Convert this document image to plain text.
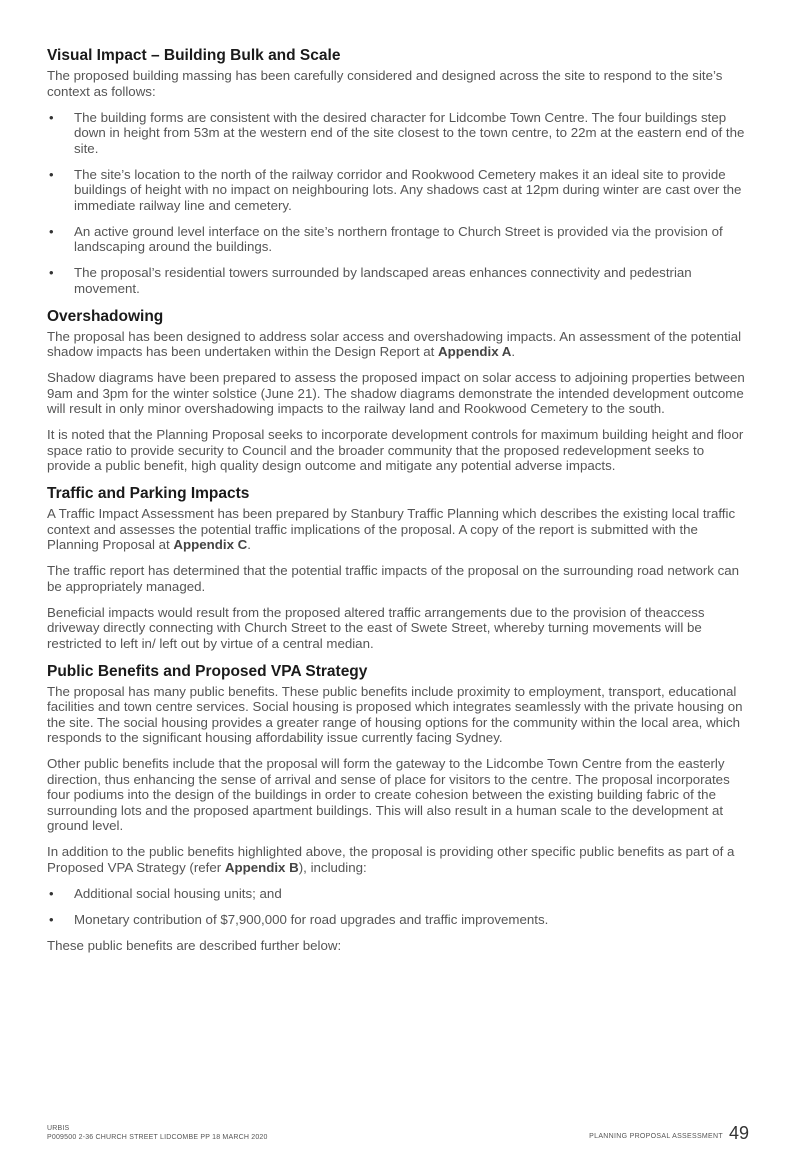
Visual Impact – Building Bulk and Scale

The proposed building massing has been carefully considered and designed across the site to respond to the site’s context as follows:

• The building forms are consistent with the desired character for Lidcombe Town Centre. The four buildings step down in height from 53m at the western end of the site closest to the town centre, to 22m at the eastern end of the site.
• The site’s location to the north of the railway corridor and Rookwood Cemetery makes it an ideal site to provide buildings of height with no impact on neighbouring lots. Any shadows cast at 12pm during winter are cast over the immediate railway line and cemetery.
• An active ground level interface on the site’s northern frontage to Church Street is provided via the provision of landscaping around the buildings.
• The proposal’s residential towers surrounded by landscaped areas enhances connectivity and pedestrian movement.
Overshadowing

The proposal has been designed to address solar access and overshadowing impacts. An assessment of the potential shadow impacts has been undertaken within the Design Report at Appendix A.

Shadow diagrams have been prepared to assess the proposed impact on solar access to adjoining properties between 9am and 3pm for the winter solstice (June 21). The shadow diagrams demonstrate the intended development outcome will result in only minor overshadowing impacts to the railway land and Rookwood Cemetery to the south.

It is noted that the Planning Proposal seeks to incorporate development controls for maximum building height and floor space ratio to provide security to Council and the broader community that the proposed redevelopment seeks to provide a public benefit, high quality design outcome and mitigate any potential adverse impacts.

Traffic and Parking Impacts

A Traffic Impact Assessment has been prepared by Stanbury Traffic Planning which describes the existing local traffic context and assesses the potential traffic implications of the proposal. A copy of the report is submitted with the Planning Proposal at Appendix C.

The traffic report has determined that the potential traffic impacts of the proposal on the surrounding road network can be appropriately managed.

Beneficial impacts would result from the proposed altered traffic arrangements due to the provision of theaccess driveway directly connecting with Church Street to the east of Swete Street, whereby turning movements will be restricted to left in/ left out by virtue of a central median.

Public Benefits and Proposed VPA Strategy

The proposal has many public benefits. These public benefits include proximity to employment, transport, educational facilities and town centre services. Social housing is proposed which integrates seamlessly with the private housing on the site. The social housing provides a greater range of housing options for the community within the local area, which responds to the significant housing affordability issue currently facing Sydney.

Other public benefits include that the proposal will form the gateway to the Lidcombe Town Centre from the easterly direction, thus enhancing the sense of arrival and sense of place for visitors to the centre. The proposal incorporates four podiums into the design of the buildings in order to create cohesion between the existing building fabric of the surrounding lots and the proposed apartment buildings. This will also result in a human scale to the development at ground level.

In addition to the public benefits highlighted above, the proposal is providing other specific public benefits as part of a Proposed VPA Strategy (refer Appendix B), including:

• Additional social housing units; and
• Monetary contribution of $7,900,000 for road upgrades and traffic improvements.

These public benefits are described further below:

URBIS
P009500 2-36 CHURCH STREET LIDCOMBE PP 18 MARCH 2020	PLANNING PROPOSAL ASSESSMENT 49
